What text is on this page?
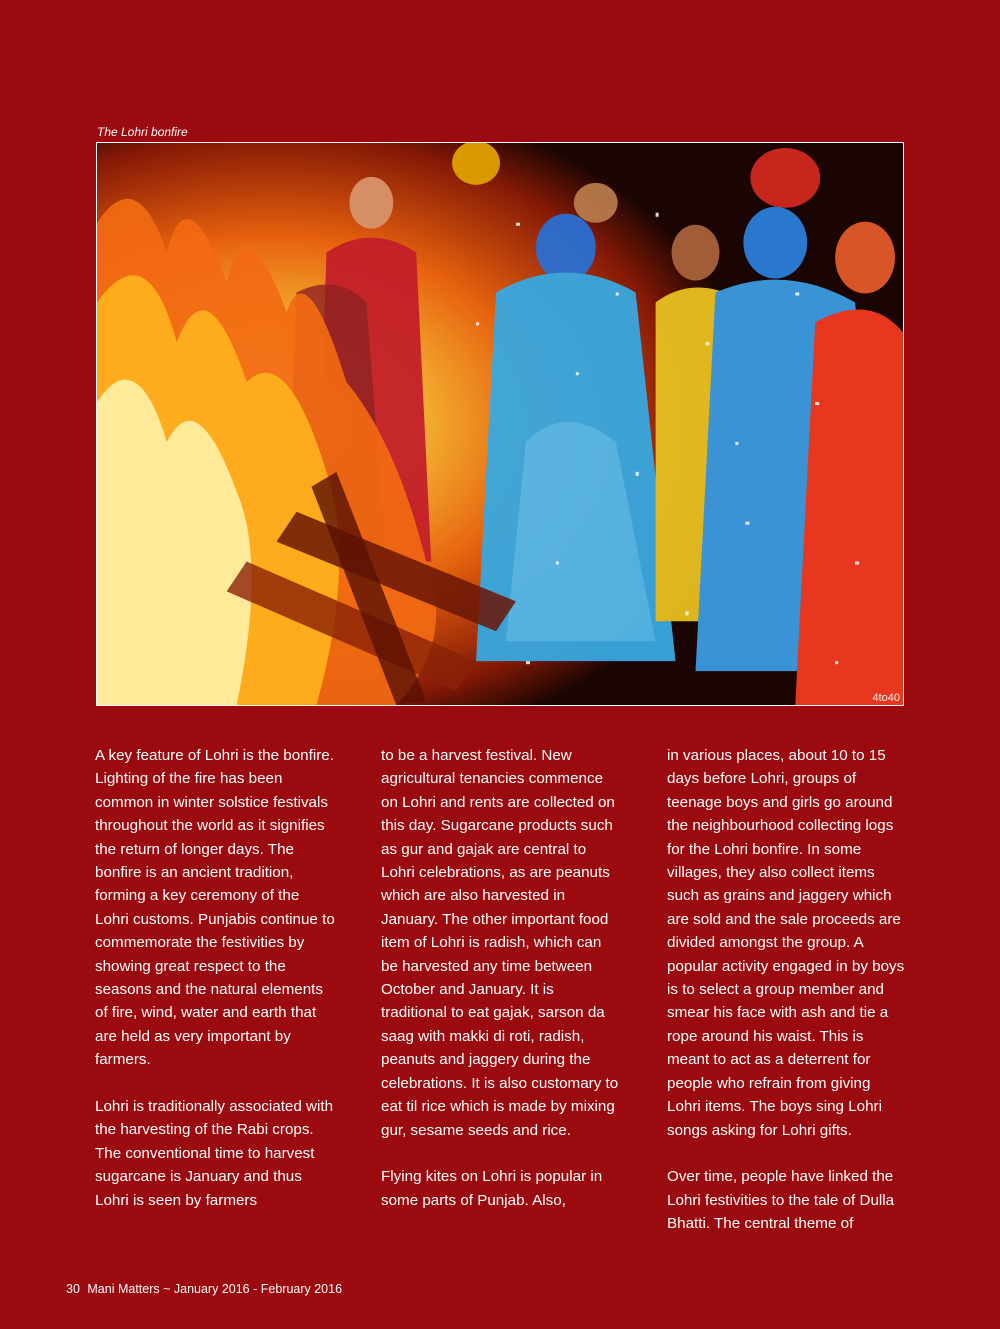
The Lohri bonfire
4to40

A key feature of Lohri is the bonfire. Lighting of the fire has been common in winter solstice festivals throughout the world as it signifies the return of longer days. The bonfire is an ancient tradition, forming a key ceremony of the Lohri customs. Punjabis continue to commemorate the festivities by showing great respect to the seasons and the natural elements of fire, wind, water and earth that are held as very important by farmers.

Lohri is traditionally associated with the harvesting of the Rabi crops. The conventional time to harvest sugarcane is January and thus Lohri is seen by farmers

to be a harvest festival. New agricultural tenancies commence on Lohri and rents are collected on this day. Sugarcane products such as gur and gajak are central to Lohri celebrations, as are peanuts which are also harvested in January. The other important food item of Lohri is radish, which can be harvested any time between October and January. It is traditional to eat gajak, sarson da saag with makki di roti, radish, peanuts and jaggery during the celebrations. It is also customary to eat til rice which is made by mixing gur, sesame seeds and rice.

Flying kites on Lohri is popular in some parts of Punjab. Also,

in various places, about 10 to 15 days before Lohri, groups of teenage boys and girls go around the neighbourhood collecting logs for the Lohri bonfire. In some villages, they also collect items such as grains and jaggery which are sold and the sale proceeds are divided amongst the group. A popular activity engaged in by boys is to select a group member and smear his face with ash and tie a rope around his waist. This is meant to act as a deterrent for people who refrain from giving Lohri items. The boys sing Lohri songs asking for Lohri gifts.

Over time, people have linked the Lohri festivities to the tale of Dulla Bhatti. The central theme of

30 Mani Matters ~ January 2016 - February 2016
